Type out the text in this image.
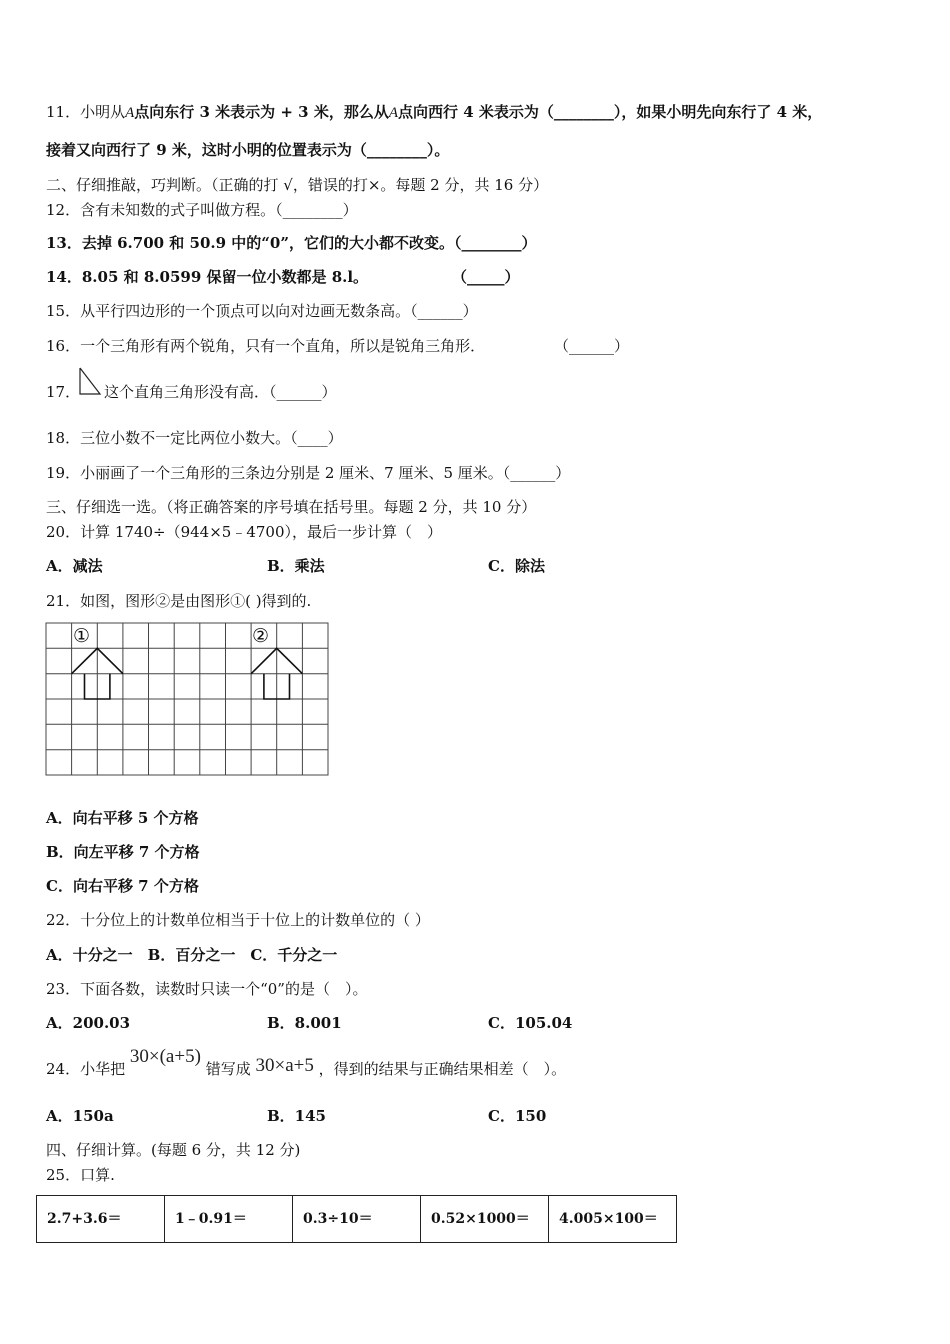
11．小明从A点向东行 3 米表示为 + 3 米，那么从A点向西行 4 米表示为（________），如果小明先向东行了 4 米，
接着又向西行了 9 米，这时小明的位置表示为（________）。
二、仔细推敲，巧判断。（正确的打 √，错误的打×。每题 2 分，共 16 分）
12．含有未知数的式子叫做方程。（________）
13．去掉 6.700 和 50.9 中的“0”，它们的大小都不改变。（________）
14．8.05 和 8.0599 保留一位小数都是 8.l。	（_____）
15．从平行四边形的一个顶点可以向对边画无数条高。（______）
16．一个三角形有两个锐角，只有一个直角，所以是锐角三角形．	（______）
17． 这个直角三角形没有高．（______）
18．三位小数不一定比两位小数大。（____）
19．小丽画了一个三角形的三条边分别是 2 厘米、7 厘米、5 厘米。（______）
三、仔细选一选。（将正确答案的序号填在括号里。每题 2 分，共 10 分）
20．计算 1740÷（944×5﹣4700），最后一步计算（　）
A．减法	B．乘法	C．除法
21．如图，图形②是由图形①( )得到的.
①	②
A．向右平移 5 个方格
B．向左平移 7 个方格
C．向右平移 7 个方格
22．十分位上的计数单位相当于十位上的计数单位的（ ）
A．十分之一　B．百分之一　C．千分之一
23．下面各数，读数时只读一个“0”的是（　）。
A．200.03	B．8.001	C．105.04
24．小华把 30×(a+5) 错写成 30×a+5 ，得到的结果与正确结果相差（　）。
A．150a	B．145	C．150
四、仔细计算。(每题 6 分，共 12 分)
25．口算.
2.7+3.6＝	1﹣0.91＝	0.3÷10＝	0.52×1000＝	4.005×100＝
